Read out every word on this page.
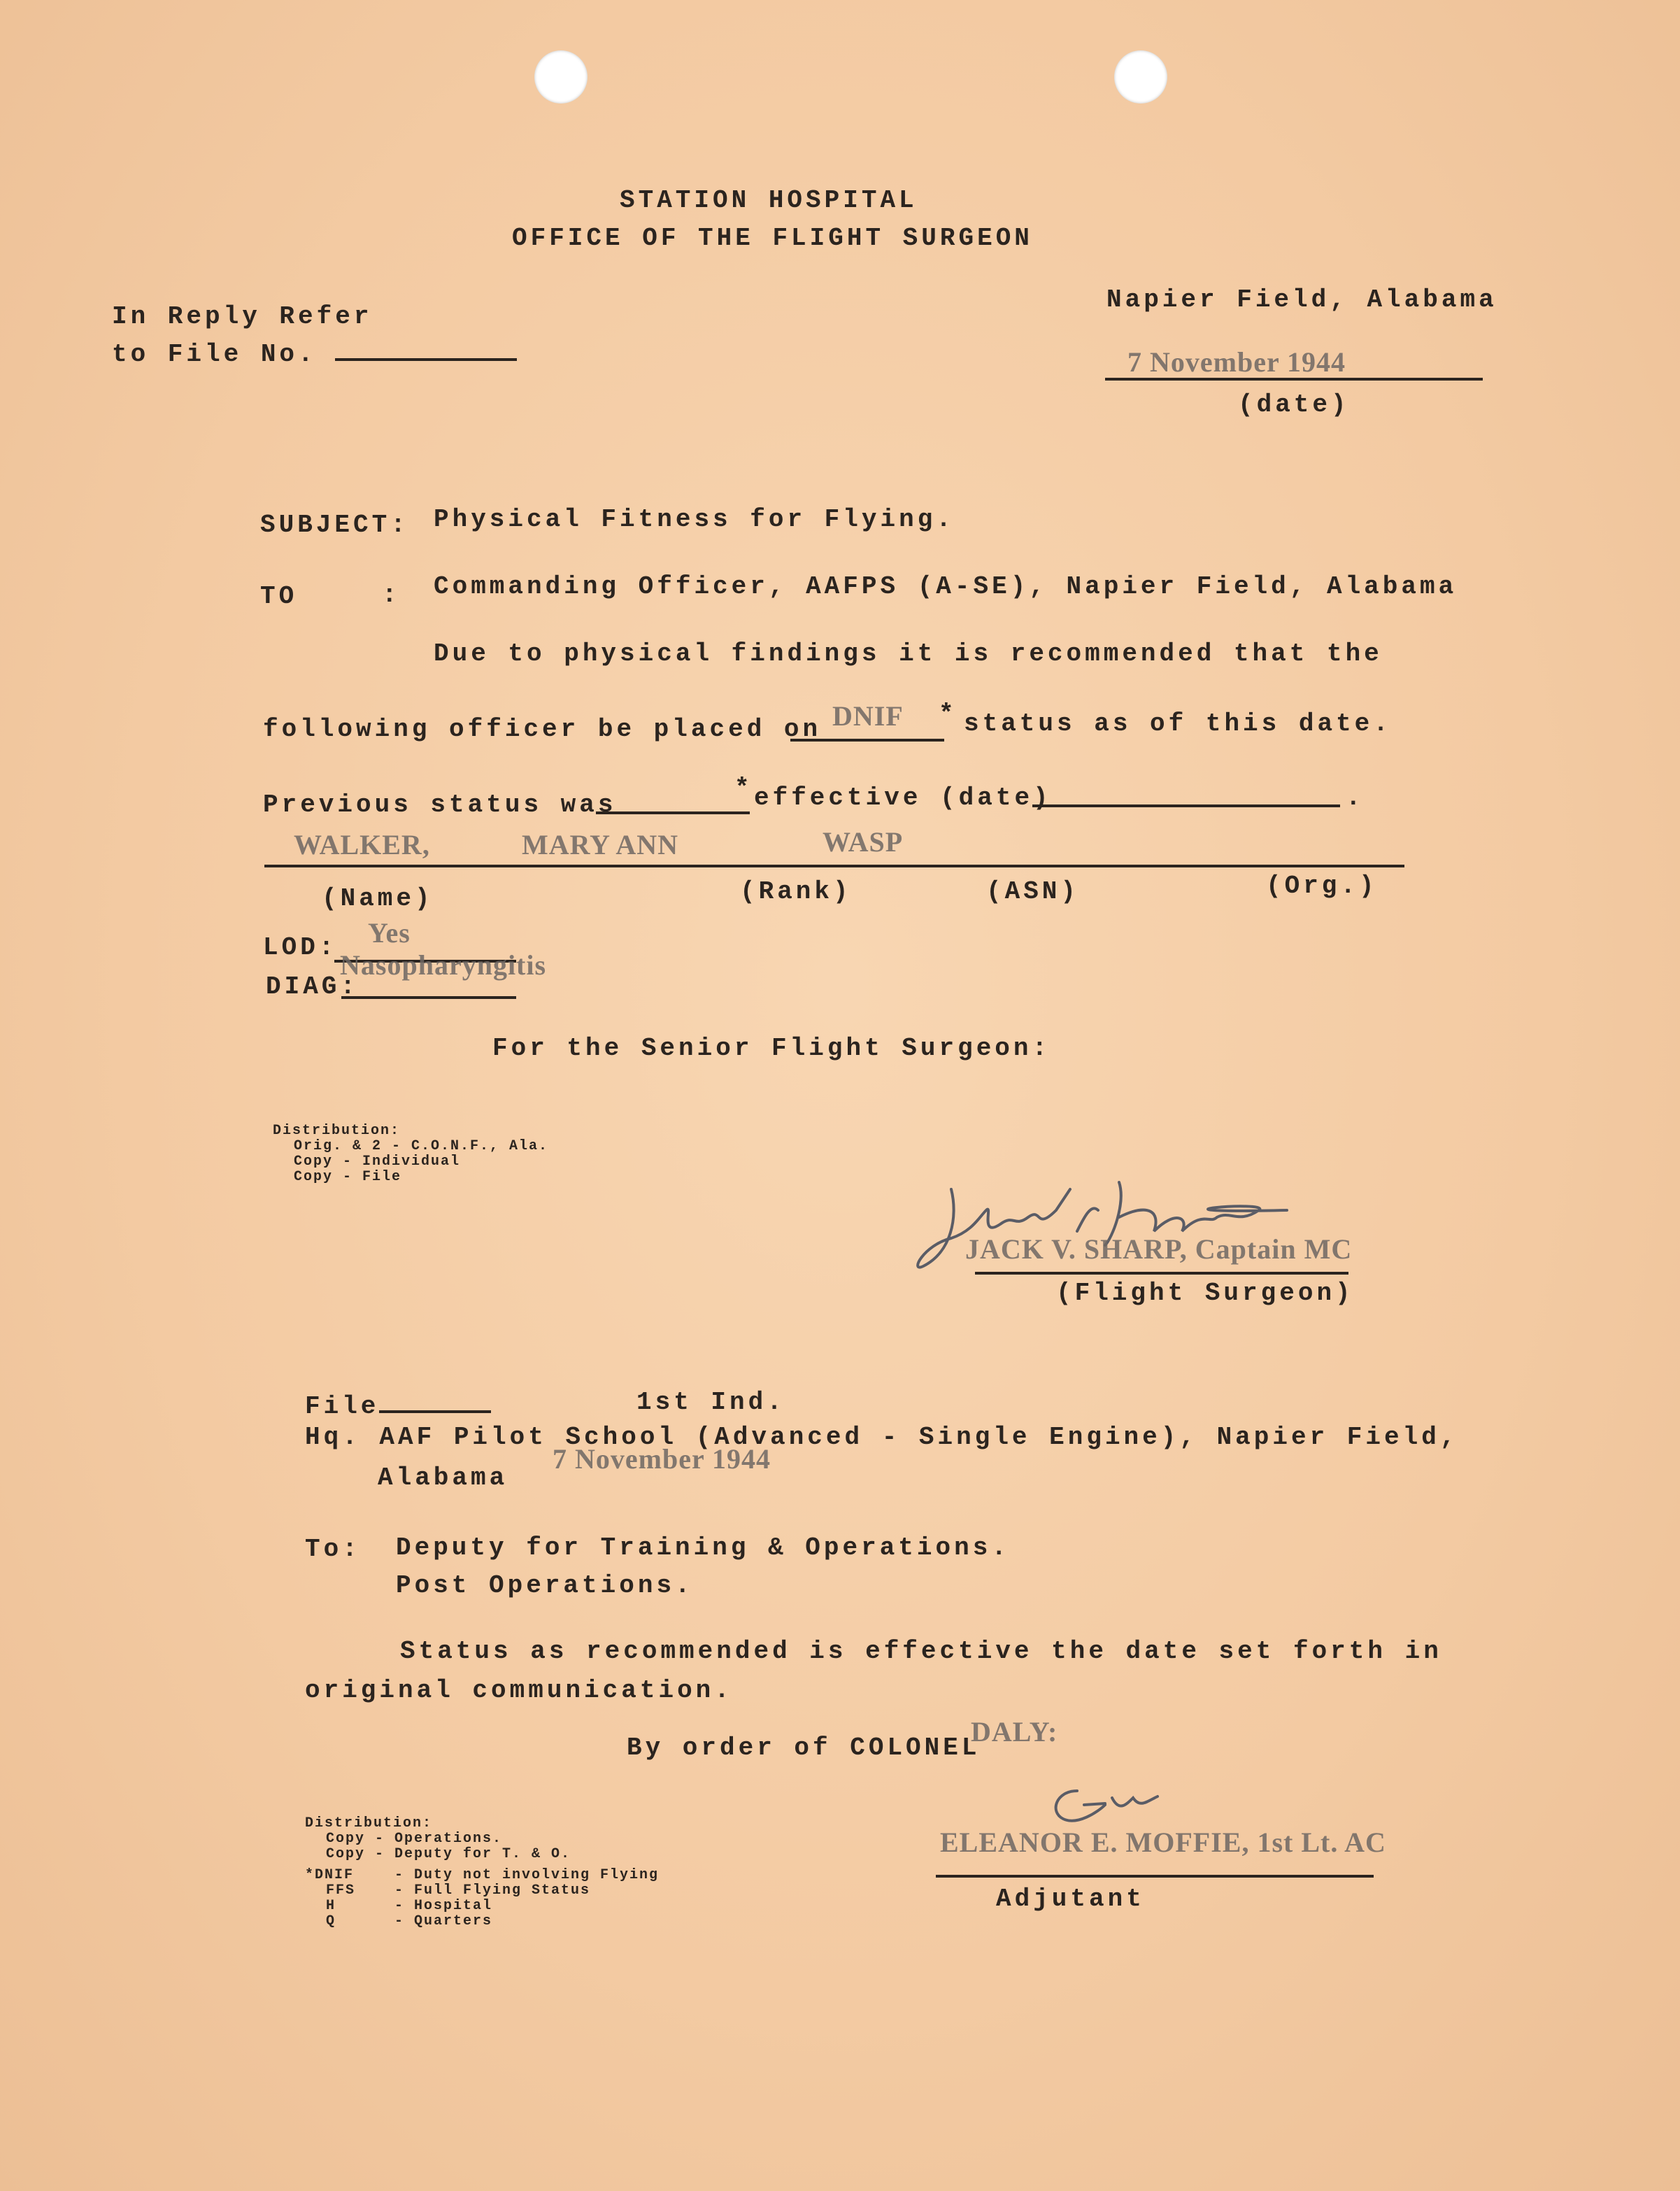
STATION HOSPITAL
OFFICE OF THE FLIGHT SURGEON
In Reply Refer
to File No.
Napier Field, Alabama
7 November 1944
(date)
SUBJECT: Physical Fitness for Flying.
TO	: Commanding Officer, AAFPS (A-SE), Napier Field, Alabama
Due to physical findings it is recommended that the
following officer be placed on DNIF * status as of this date.
Previous status was
* effective (date)	.
WALKER,	MARY ANN	WASP
(Name)	(Rank)	(ASN)	(Org.)
LOD: Yes
DIAG:
Nasopharyngitis
For the Senior Flight Surgeon:
Distribution:
Orig. & 2 - C.O.N.F., Ala.
Copy - Individual
Copy - File
JACK V. SHARP, Captain MC
(Flight Surgeon)
File	1st Ind.
Hq. AAF Pilot School (Advanced - Single Engine), Napier Field,
Alabama
7 November 1944
To: Deputy for Training & Operations.
Post Operations.
Status as recommended is effective the date set forth in
original communication.
By order of COLONEL
DALY:
Distribution:
Copy - Operations.
Copy - Deputy for T. & O.
*DNIF	- Duty not involving Flying
FFS	- Full Flying Status
H	- Hospital
Q	- Quarters
ELEANOR E. MOFFIE, 1st Lt. AC
Adjutant
